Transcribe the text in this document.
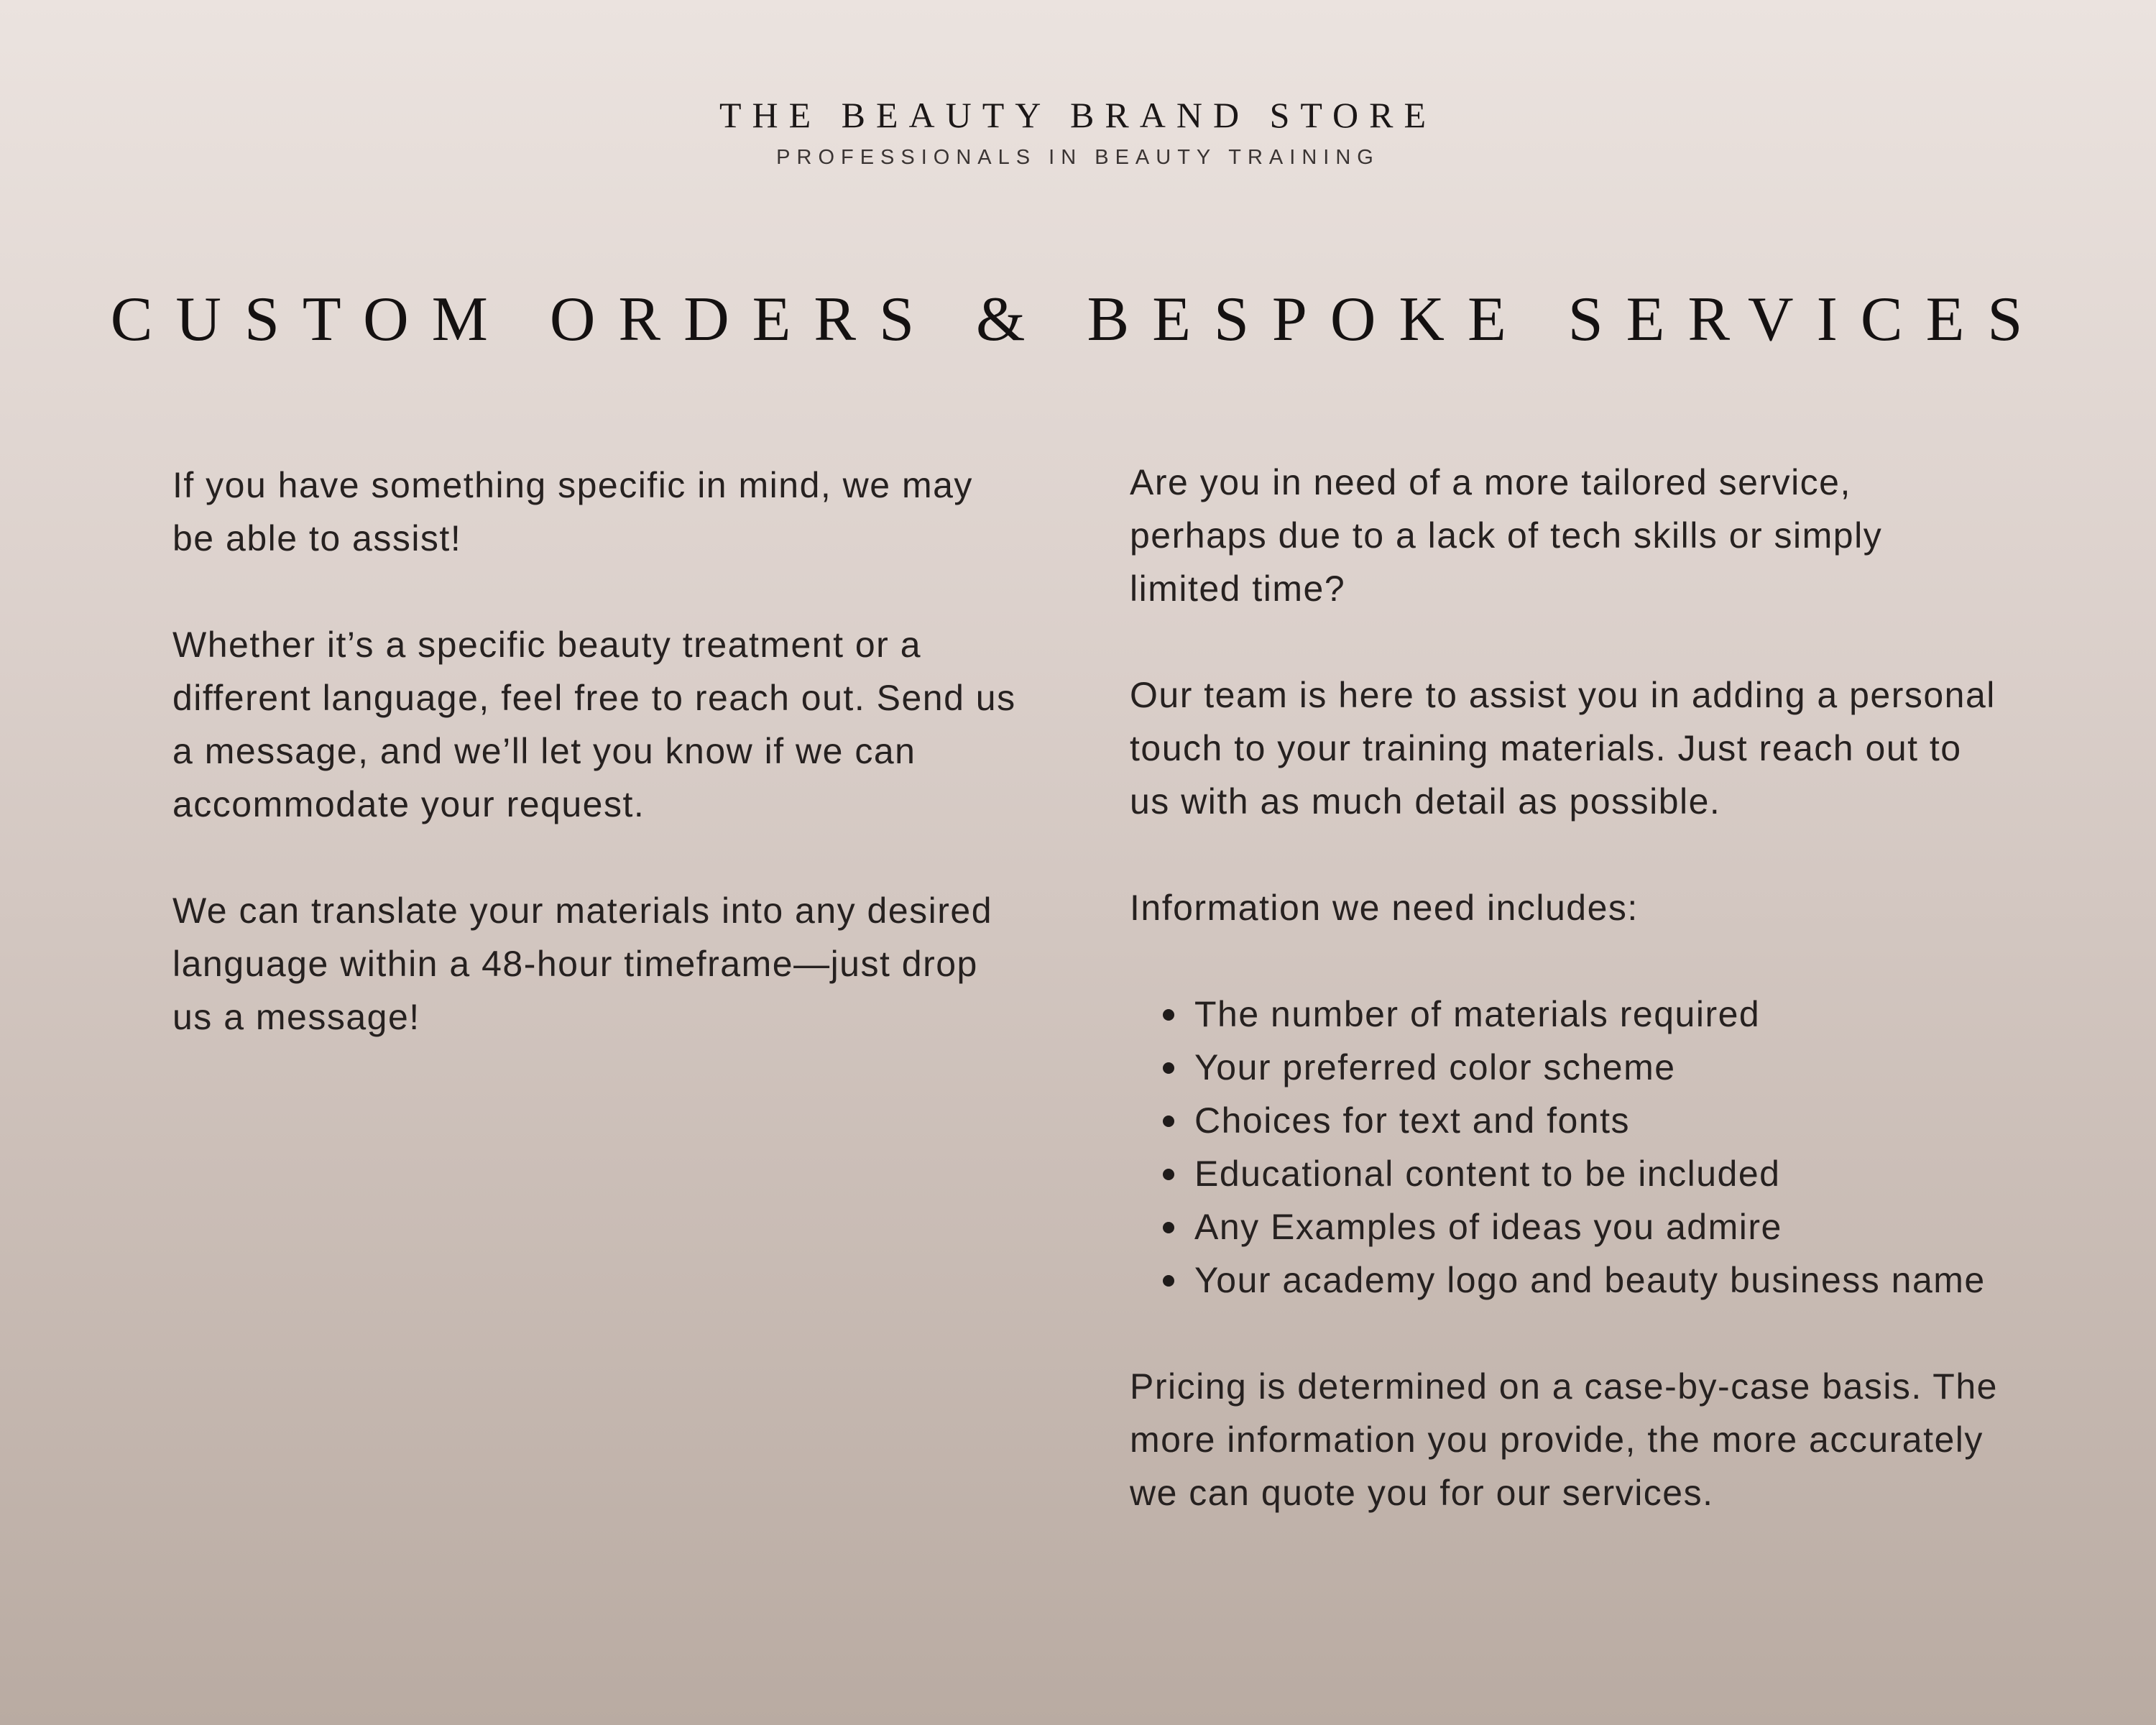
THE BEAUTY BRAND STORE
PROFESSIONALS IN BEAUTY TRAINING
CUSTOM ORDERS & BESPOKE SERVICES

If you have something specific in mind, we may be able to assist!

Whether it’s a specific beauty treatment or a different language, feel free to reach out. Send us a message, and we’ll let you know if we can accommodate your request.

We can translate your materials into any desired language within a 48-hour timeframe—just drop us a message!

Are you in need of a more tailored service, perhaps due to a lack of tech skills or simply limited time?

Our team is here to assist you in adding a personal touch to your training materials. Just reach out to us with as much detail as possible.

Information we need includes:

The number of materials required
Your preferred color scheme
Choices for text and fonts
Educational content to be included
Any Examples of ideas you admire
Your academy logo and beauty business name

Pricing is determined on a case-by-case basis. The more information you provide, the more accurately we can quote you for our services.
